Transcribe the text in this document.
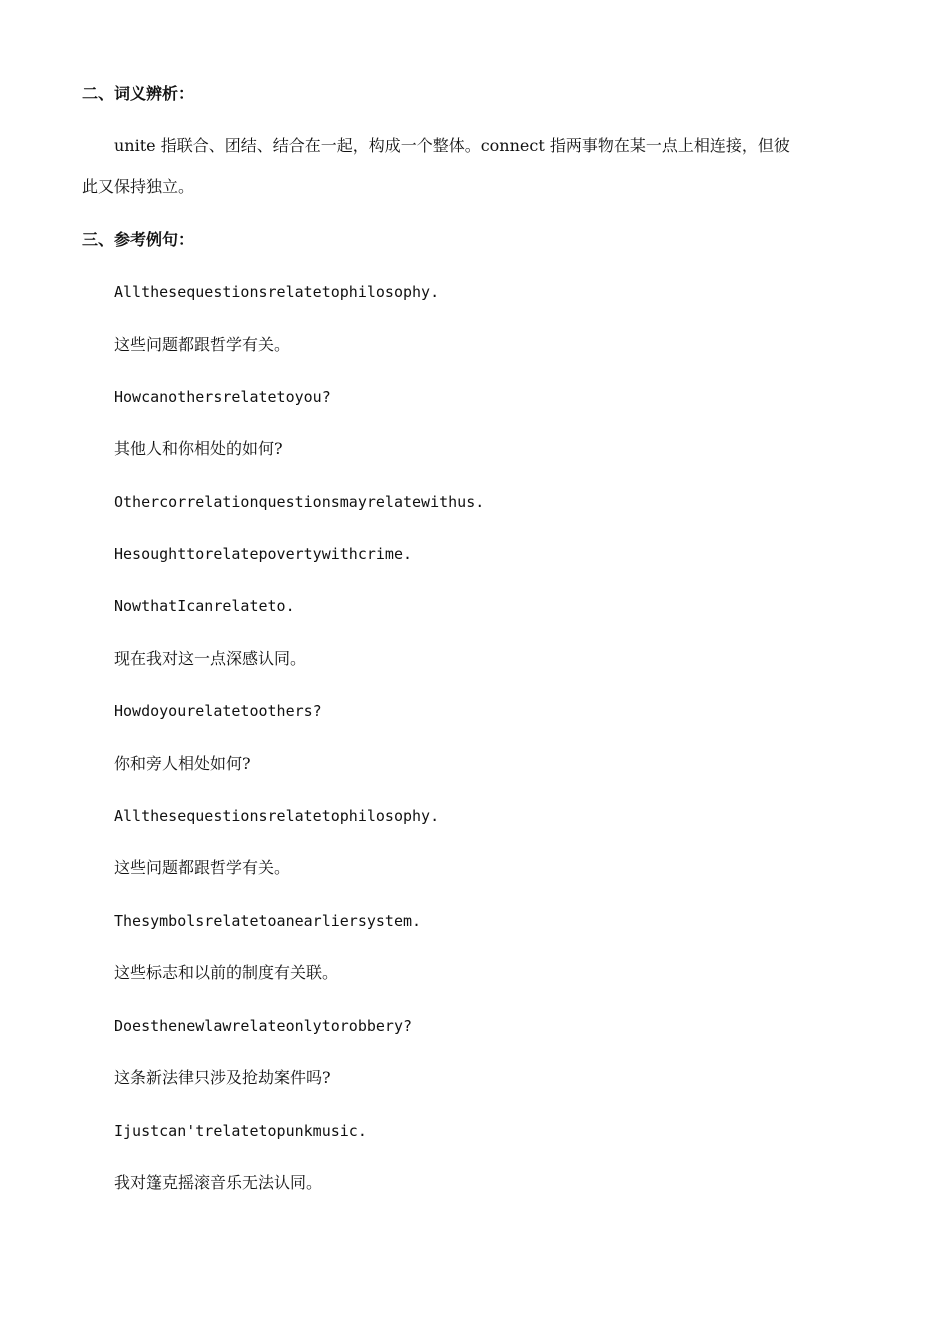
二、词义辨析：
unite 指联合、团结、结合在一起，构成一个整体。connect 指两事物在某一点上相连接，但彼
此又保持独立。
三、参考例句：
Allthesequestionsrelatetophilosophy.
这些问题都跟哲学有关。
Howcanothersrelatetoyou?
其他人和你相处的如何?
Othercorrelationquestionsmayrelatewithus.
Hesoughttorelatepovertywithcrime.
NowthatIcanrelateto.
现在我对这一点深感认同。
Howdoyourelatetoothers?
你和旁人相处如何?
Allthesequestionsrelatetophilosophy.
这些问题都跟哲学有关。
Thesymbolsrelatetoanearliersystem.
这些标志和以前的制度有关联。
Doesthenewlawrelateonlytorobbery?
这条新法律只涉及抢劫案件吗?
Ijustcan'trelatetopunkmusic.
我对篷克摇滚音乐无法认同。
